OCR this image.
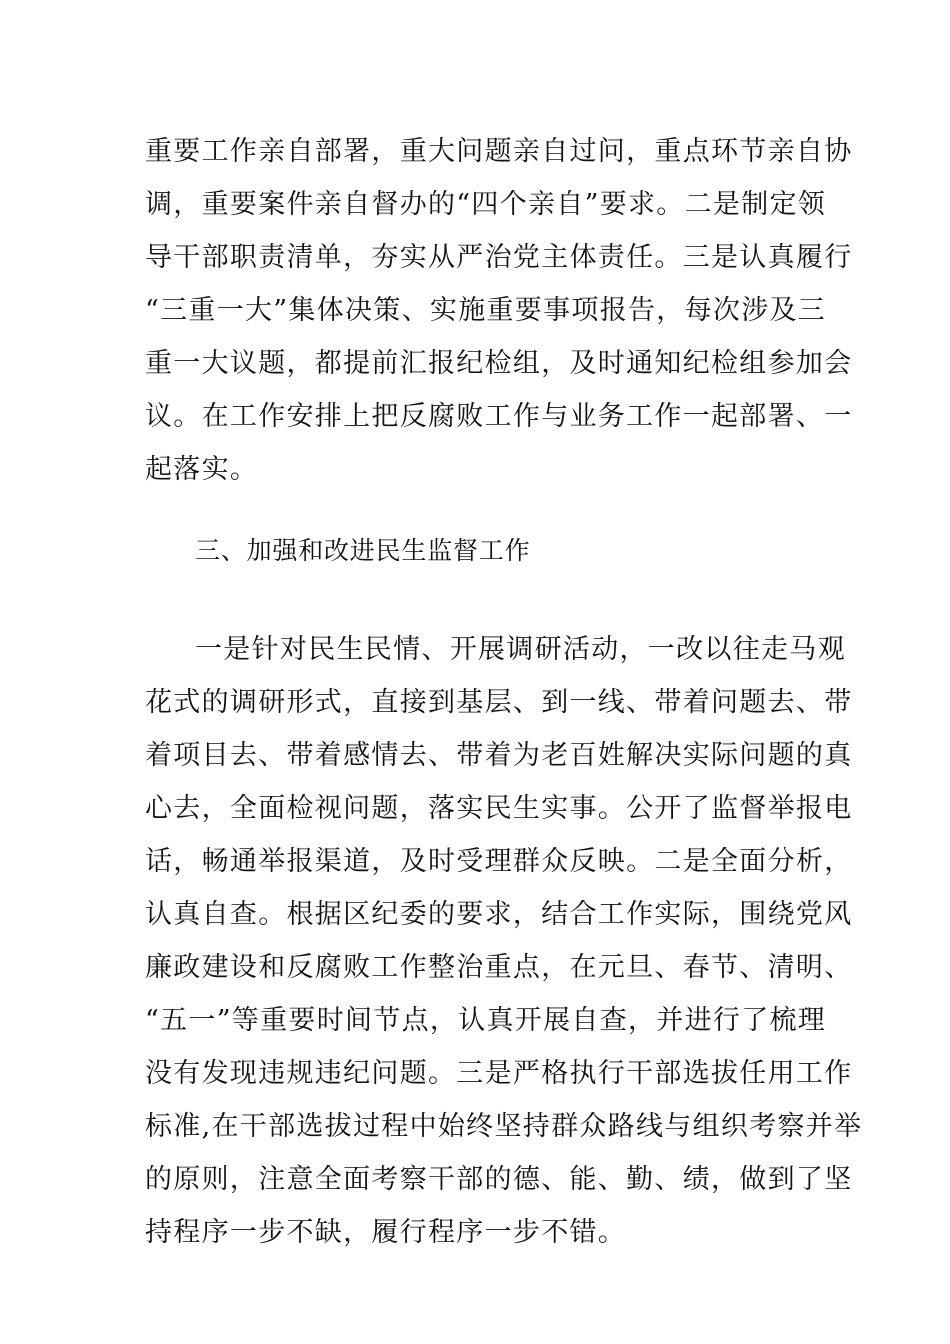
重要工作亲自部署，重大问题亲自过问，重点环节亲自协
调，重要案件亲自督办的“四个亲自”要求。二是制定领
导干部职责清单，夯实从严治党主体责任。三是认真履行
“三重一大”集体决策、实施重要事项报告，每次涉及三
重一大议题，都提前汇报纪检组，及时通知纪检组参加会
议。在工作安排上把反腐败工作与业务工作一起部署、一
起落实。
三、加强和改进民生监督工作
一是针对民生民情、开展调研活动，一改以往走马观
花式的调研形式，直接到基层、到一线、带着问题去、带
着项目去、带着感情去、带着为老百姓解决实际问题的真
心去，全面检视问题，落实民生实事。公开了监督举报电
话，畅通举报渠道，及时受理群众反映。二是全面分析，
认真自查。根据区纪委的要求，结合工作实际，围绕党风
廉政建设和反腐败工作整治重点，在元旦、春节、清明、
“五一”等重要时间节点，认真开展自查，并进行了梳理
没有发现违规违纪问题。三是严格执行干部选拔任用工作
标准,在干部选拔过程中始终坚持群众路线与组织考察并举
的原则，注意全面考察干部的德、能、勤、绩，做到了坚
持程序一步不缺，履行程序一步不错。
